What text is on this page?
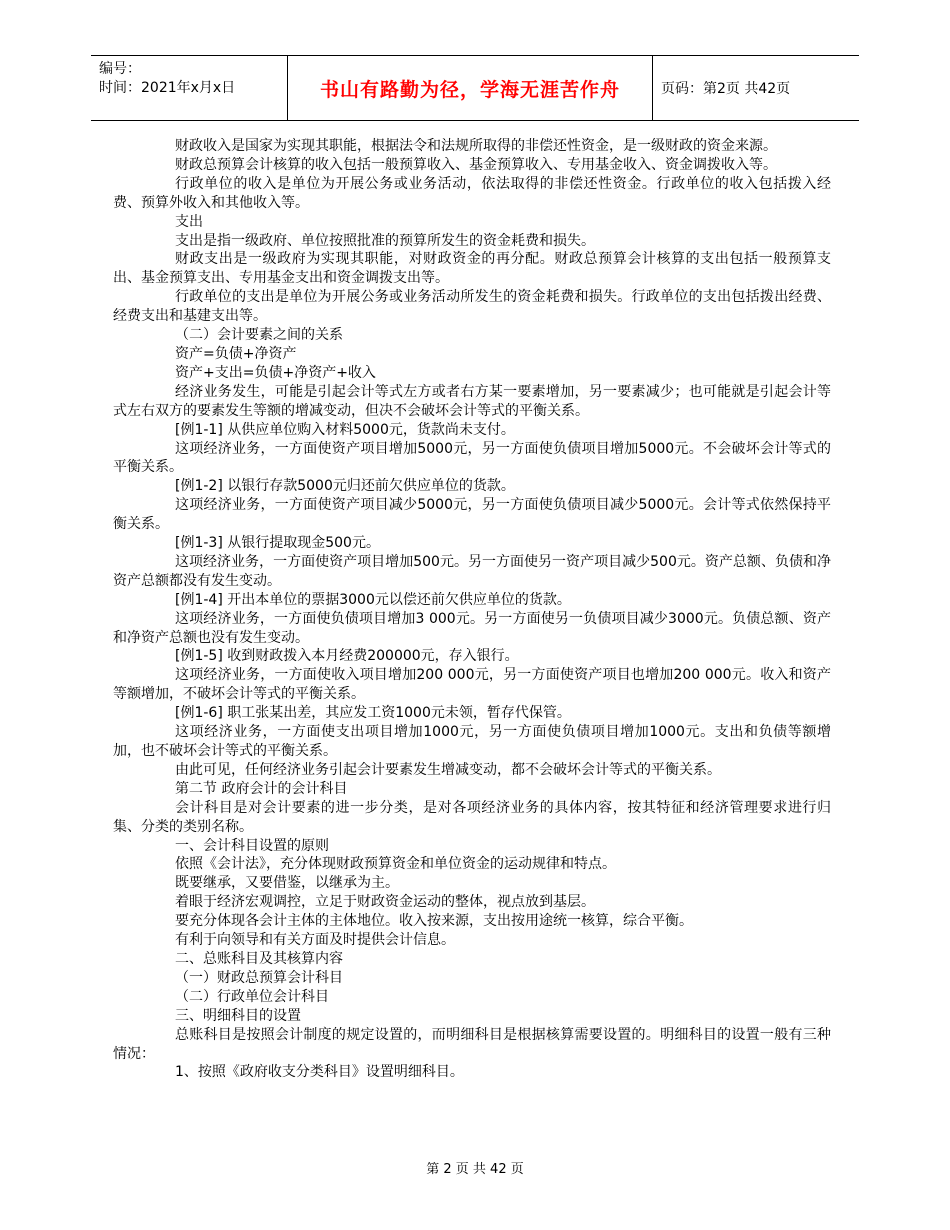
编号：
时间：2021年x月x日	书山有路勤为径，学海无涯苦作舟	页码：第2页 共42页

财政收入是国家为实现其职能，根据法令和法规所取得的非偿还性资金，是一级财政的资金来源。

财政总预算会计核算的收入包括一般预算收入、基金预算收入、专用基金收入、资金调拨收入等。

行政单位的收入是单位为开展公务或业务活动，依法取得的非偿还性资金。行政单位的收入包括拨入经费、预算外收入和其他收入等。

支出

支出是指一级政府、单位按照批准的预算所发生的资金耗费和损失。

财政支出是一级政府为实现其职能，对财政资金的再分配。财政总预算会计核算的支出包括一般预算支出、基金预算支出、专用基金支出和资金调拨支出等。

行政单位的支出是单位为开展公务或业务活动所发生的资金耗费和损失。行政单位的支出包括拨出经费、经费支出和基建支出等。

（二）会计要素之间的关系

资产=负债+净资产

资产+支出=负债+净资产+收入

经济业务发生，可能是引起会计等式左方或者右方某一要素增加，另一要素减少；也可能就是引起会计等式左右双方的要素发生等额的增减变动，但决不会破坏会计等式的平衡关系。

[例1-1] 从供应单位购入材料5000元，货款尚未支付。

这项经济业务，一方面使资产项目增加5000元，另一方面使负债项目增加5000元。不会破坏会计等式的平衡关系。

[例1-2] 以银行存款5000元归还前欠供应单位的货款。

这项经济业务，一方面使资产项目减少5000元，另一方面使负债项目减少5000元。会计等式依然保持平衡关系。

[例1-3] 从银行提取现金500元。

这项经济业务，一方面使资产项目增加500元。另一方面使另一资产项目减少500元。资产总额、负债和净资产总额都没有发生变动。

[例1-4] 开出本单位的票据3000元以偿还前欠供应单位的货款。

这项经济业务，一方面使负债项目增加3 000元。另一方面使另一负债项目减少3000元。负债总额、资产和净资产总额也没有发生变动。

[例1-5] 收到财政拨入本月经费200000元，存入银行。

这项经济业务，一方面使收入项目增加200 000元，另一方面使资产项目也增加200 000元。收入和资产等额增加，不破坏会计等式的平衡关系。

[例1-6] 职工张某出差，其应发工资1000元未领，暂存代保管。

这项经济业务，一方面使支出项目增加1000元，另一方面使负债项目增加1000元。支出和负债等额增加，也不破坏会计等式的平衡关系。

由此可见，任何经济业务引起会计要素发生增减变动，都不会破坏会计等式的平衡关系。

第二节 政府会计的会计科目

会计科目是对会计要素的进一步分类，是对各项经济业务的具体内容，按其特征和经济管理要求进行归集、分类的类别名称。

一、会计科目设置的原则

依照《会计法》，充分体现财政预算资金和单位资金的运动规律和特点。

既要继承，又要借鉴，以继承为主。

着眼于经济宏观调控，立足于财政资金运动的整体，视点放到基层。

要充分体现各会计主体的主体地位。收入按来源，支出按用途统一核算，综合平衡。

有利于向领导和有关方面及时提供会计信息。

二、总账科目及其核算内容

（一）财政总预算会计科目

（二）行政单位会计科目

三、明细科目的设置

总账科目是按照会计制度的规定设置的，而明细科目是根据核算需要设置的。明细科目的设置一般有三种情况：

1、按照《政府收支分类科目》设置明细科目。

第 2 页 共 42 页
